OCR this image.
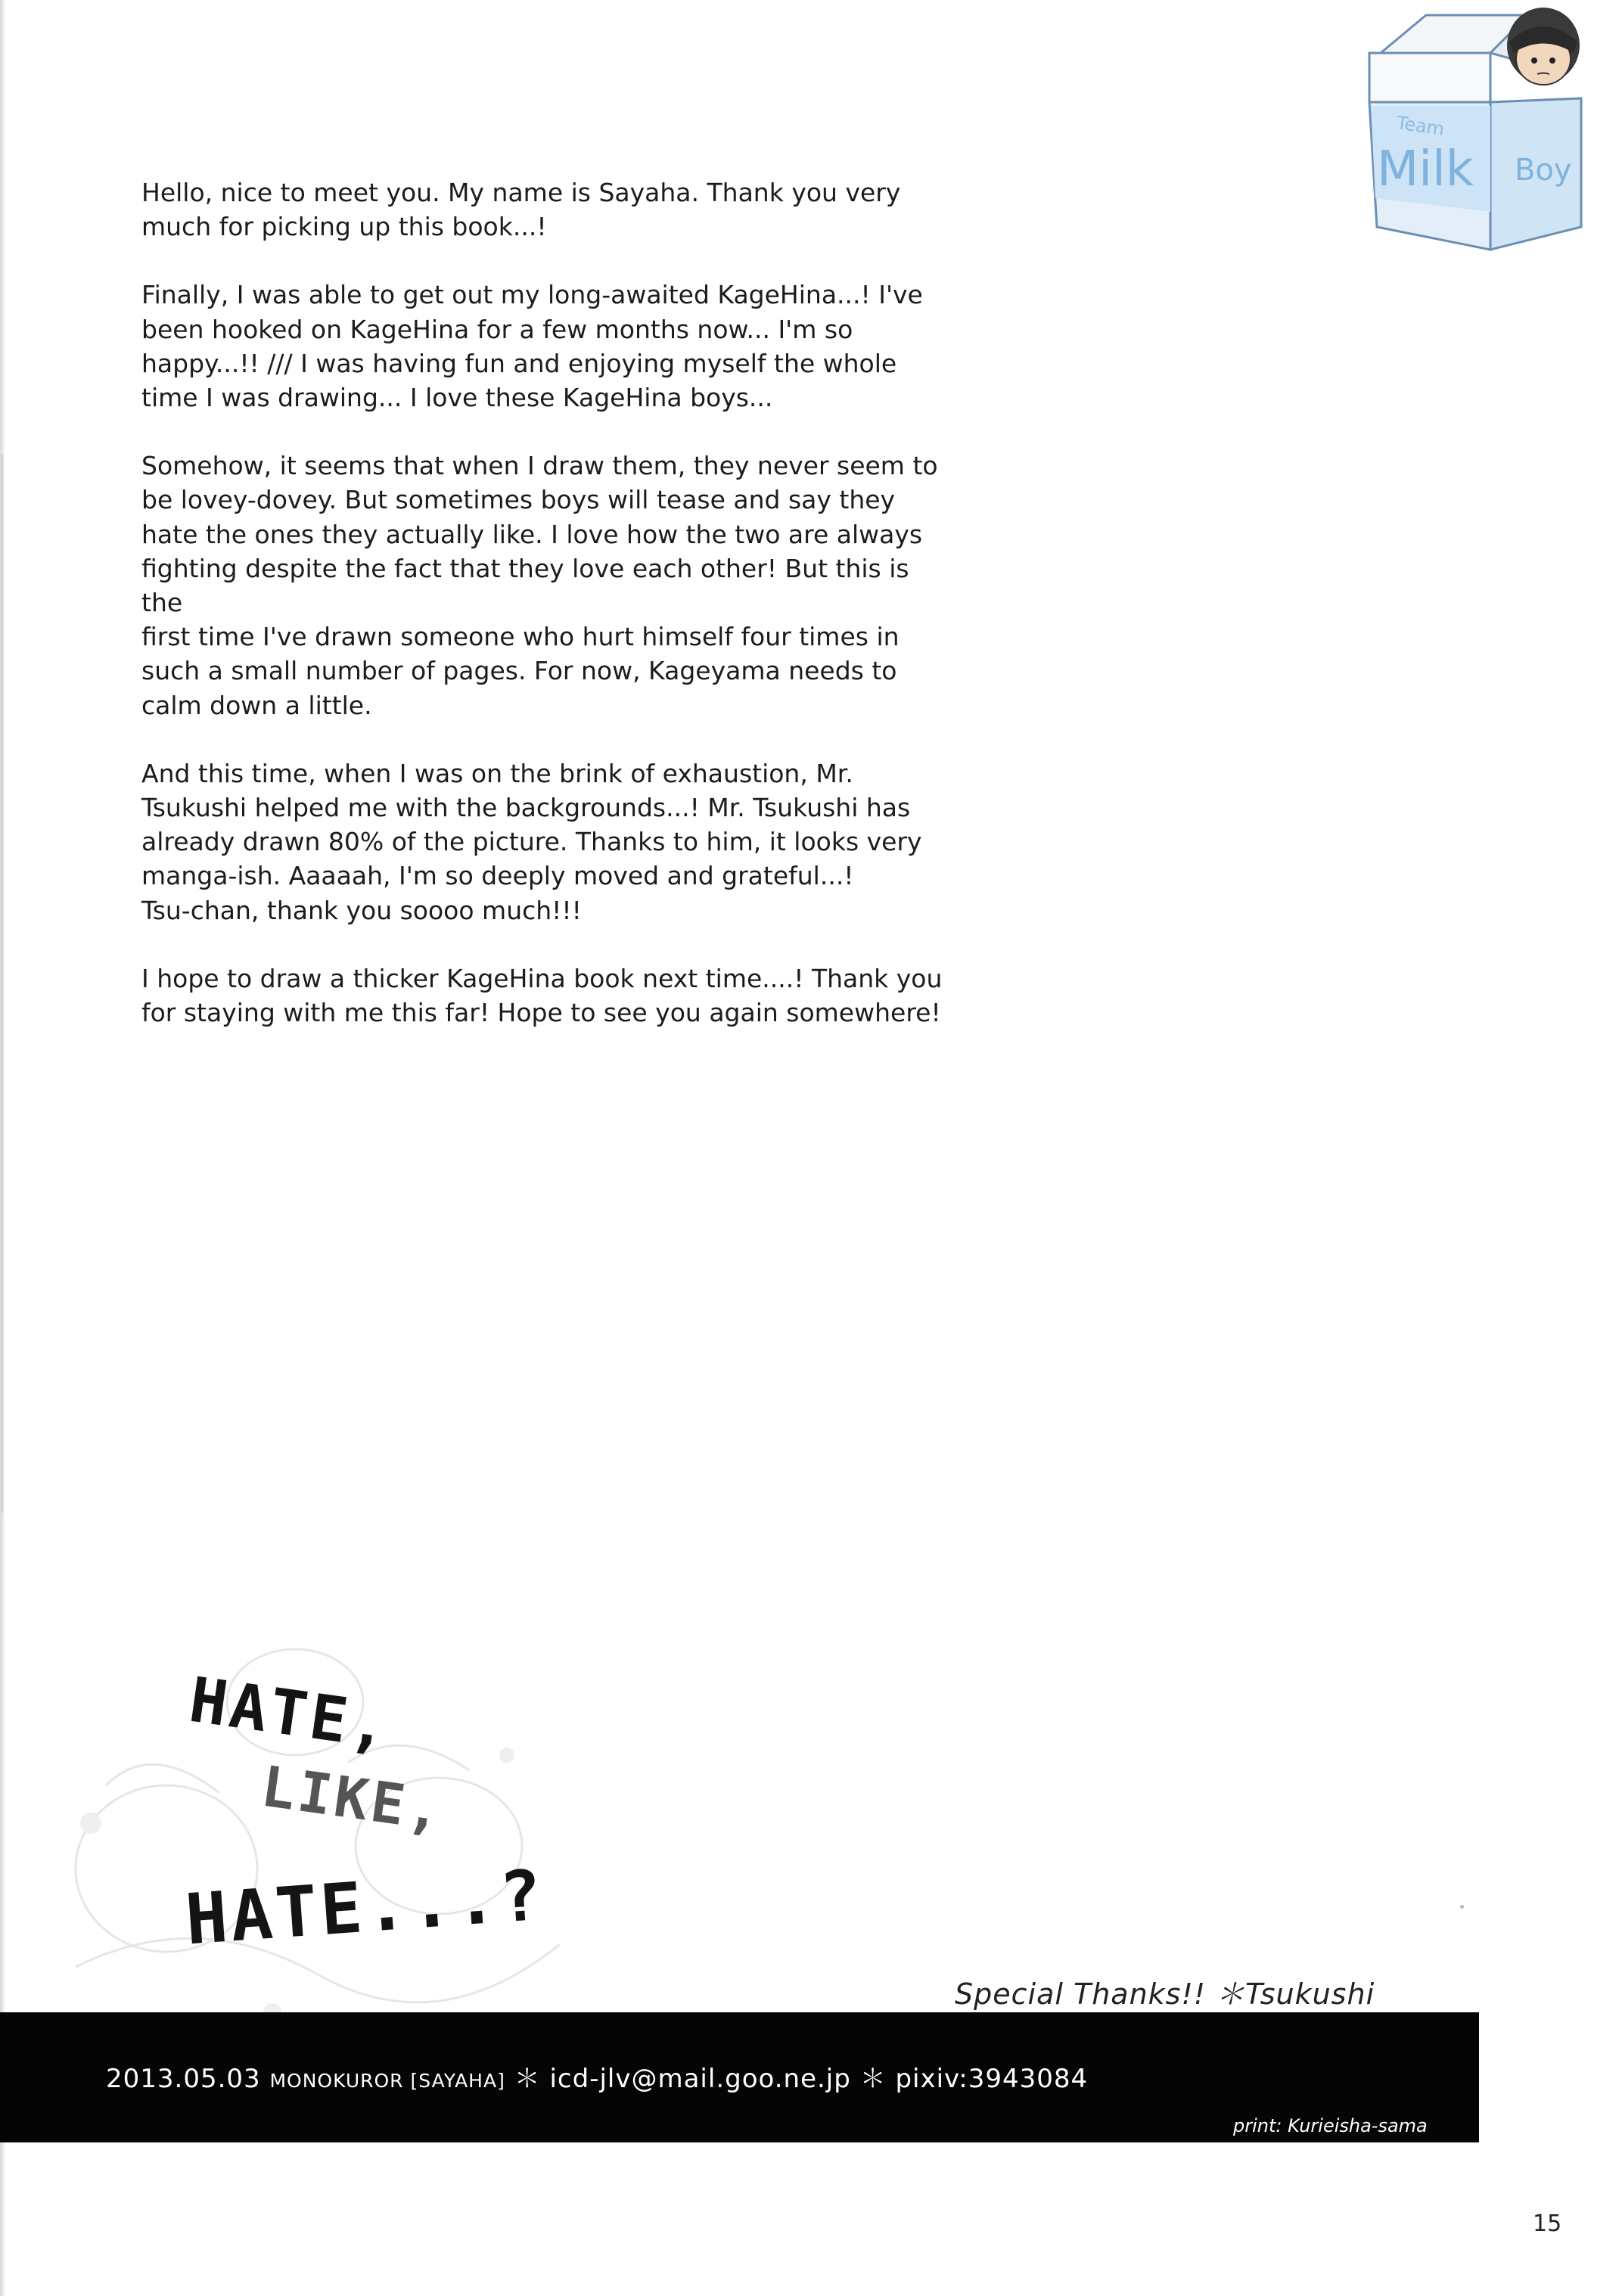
Team
Milk Boy

Hello, nice to meet you. My name is Sayaha. Thank you very
much for picking up this book...!

Finally, I was able to get out my long-awaited KageHina...! I've
been hooked on KageHina for a few months now... I'm so
happy...!! /// I was having fun and enjoying myself the whole
time I was drawing... I love these KageHina boys...

Somehow, it seems that when I draw them, they never seem to
be lovey-dovey. But sometimes boys will tease and say they
hate the ones they actually like. I love how the two are always
fighting despite the fact that they love each other! But this is the
first time I've drawn someone who hurt himself four times in
such a small number of pages. For now, Kageyama needs to
calm down a little.

And this time, when I was on the brink of exhaustion, Mr.
Tsukushi helped me with the backgrounds...! Mr. Tsukushi has
already drawn 80% of the picture. Thanks to him, it looks very
manga-ish. Aaaaah, I'm so deeply moved and grateful...!
Tsu-chan, thank you soooo much!!!

I hope to draw a thicker KageHina book next time....! Thank you
for staying with me this far! Hope to see you again somewhere!

HATE,
LIKE,
HATE...?
Special Thanks!! ＊Tsukushi
2013.05.03 MONOKUROR [SAYAHA] ＊ icd-jlv@mail.goo.ne.jp ＊ pixiv:3943084
print: Kurieisha-sama
15
